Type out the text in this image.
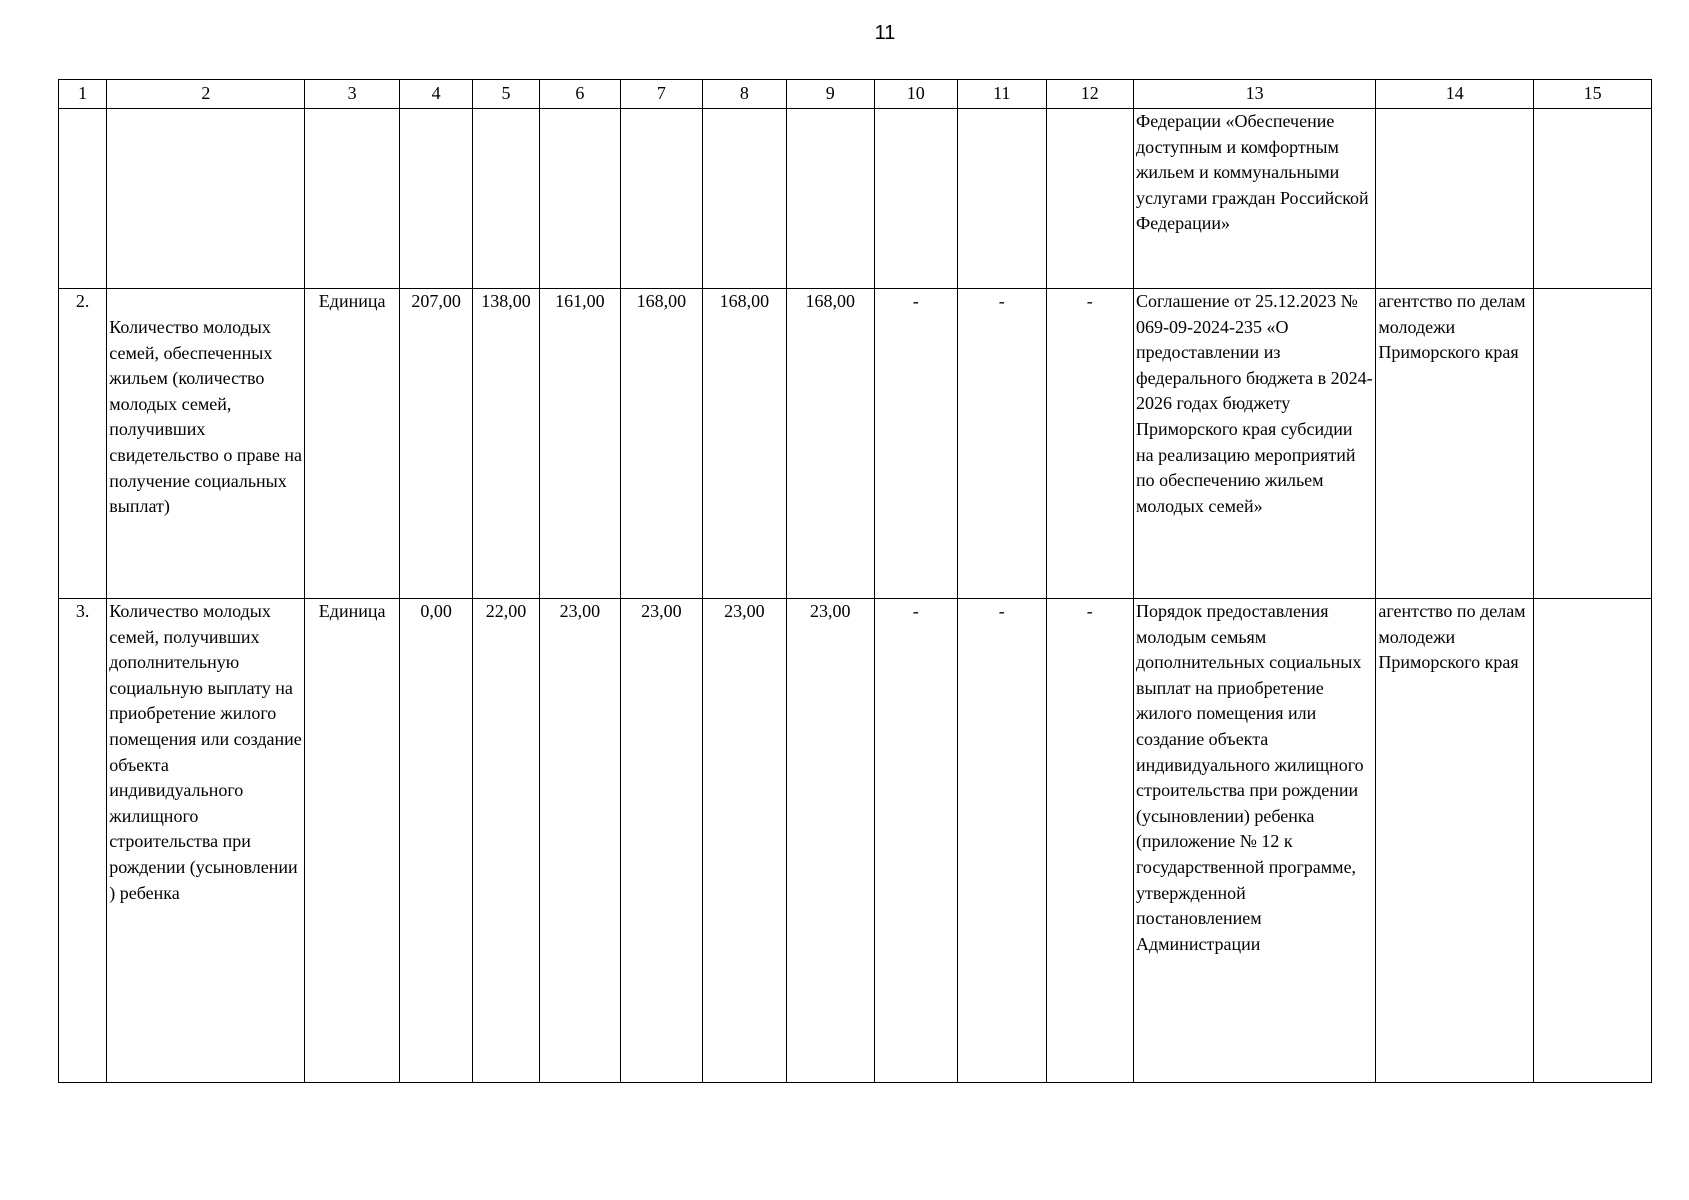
11
1	2	3	4	5	6	7	8	9	10	11	12	13	14	15
												Федерации «Обеспечение доступным и комфортным жильем и коммунальными услугами граждан Российской Федерации»		
2.	Количество молодых семей, обеспеченных жильем (количество молодых семей, получивших свидетельство о праве на получение социальных выплат)	Единица	207,00	138,00	161,00	168,00	168,00	168,00	-	-	-	Соглашение от 25.12.2023 № 069-09-2024-235 «О предоставлении из федерального бюджета в 2024-2026 годах бюджету Приморского края субсидии на реализацию мероприятий по обеспечению жильем молодых семей»	агентство по делам молодежи Приморского края	
3.	Количество молодых семей, получивших дополнительную социальную выплату на приобретение жилого помещения или создание объекта индивидуального жилищного строительства при рождении (усыновлении ) ребенка	Единица	0,00	22,00	23,00	23,00	23,00	23,00	-	-	-	Порядок предоставления молодым семьям дополнительных социальных выплат на приобретение жилого помещения или создание объекта индивидуального жилищного строительства при рождении (усыновлении) ребенка (приложение № 12 к государственной программе, утвержденной постановлением Администрации	агентство по делам молодежи Приморского края	
